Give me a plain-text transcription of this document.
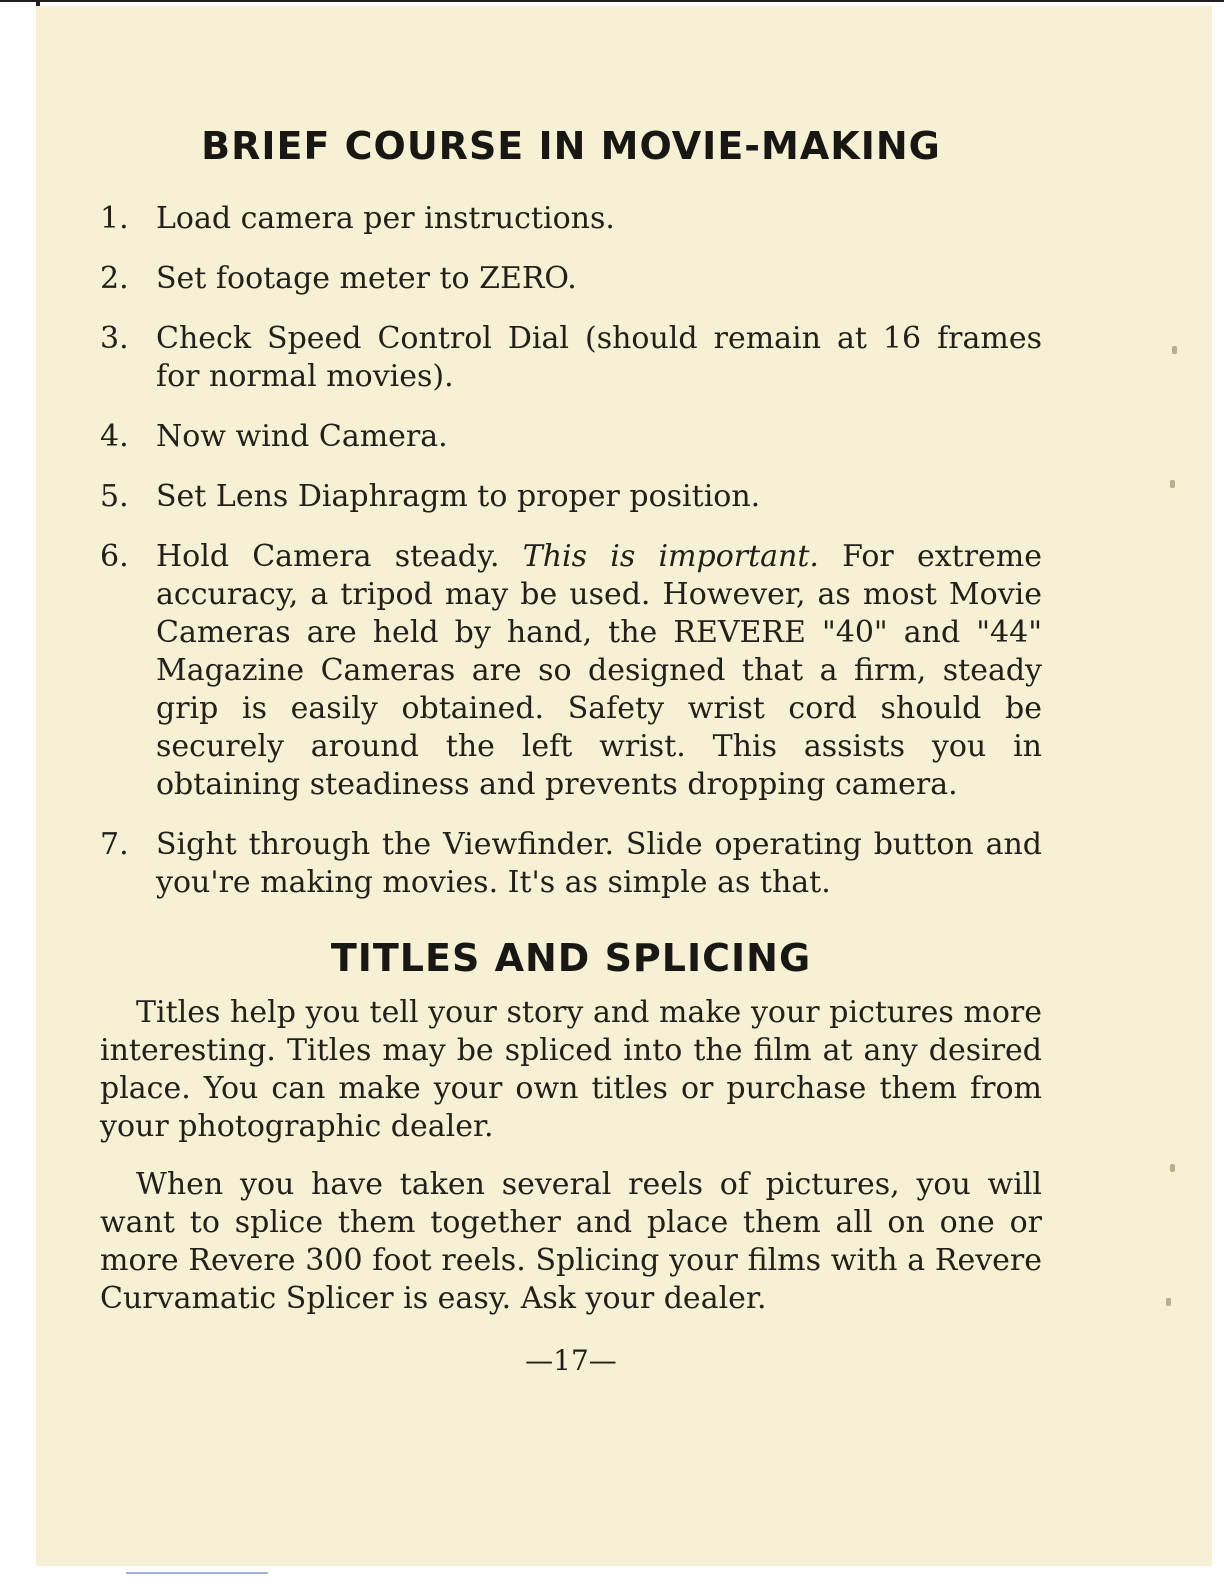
BRIEF COURSE IN MOVIE-MAKING
1. Load camera per instructions.
2. Set footage meter to ZERO.
3. Check Speed Control Dial (should remain at 16 frames for normal movies).
4. Now wind Camera.
5. Set Lens Diaphragm to proper position.
6. Hold Camera steady. This is important. For extreme accuracy, a tripod may be used. However, as most Movie Cameras are held by hand, the REVERE "40" and "44" Magazine Cameras are so designed that a firm, steady grip is easily obtained. Safety wrist cord should be securely around the left wrist. This assists you in obtaining steadiness and prevents dropping camera.
7. Sight through the Viewfinder. Slide operating button and you're making movies. It's as simple as that.
TITLES AND SPLICING

Titles help you tell your story and make your pictures more interesting. Titles may be spliced into the film at any desired place. You can make your own titles or purchase them from your photographic dealer.

When you have taken several reels of pictures, you will want to splice them together and place them all on one or more Revere 300 foot reels. Splicing your films with a Revere Curvamatic Splicer is easy. Ask your dealer.

—17—
